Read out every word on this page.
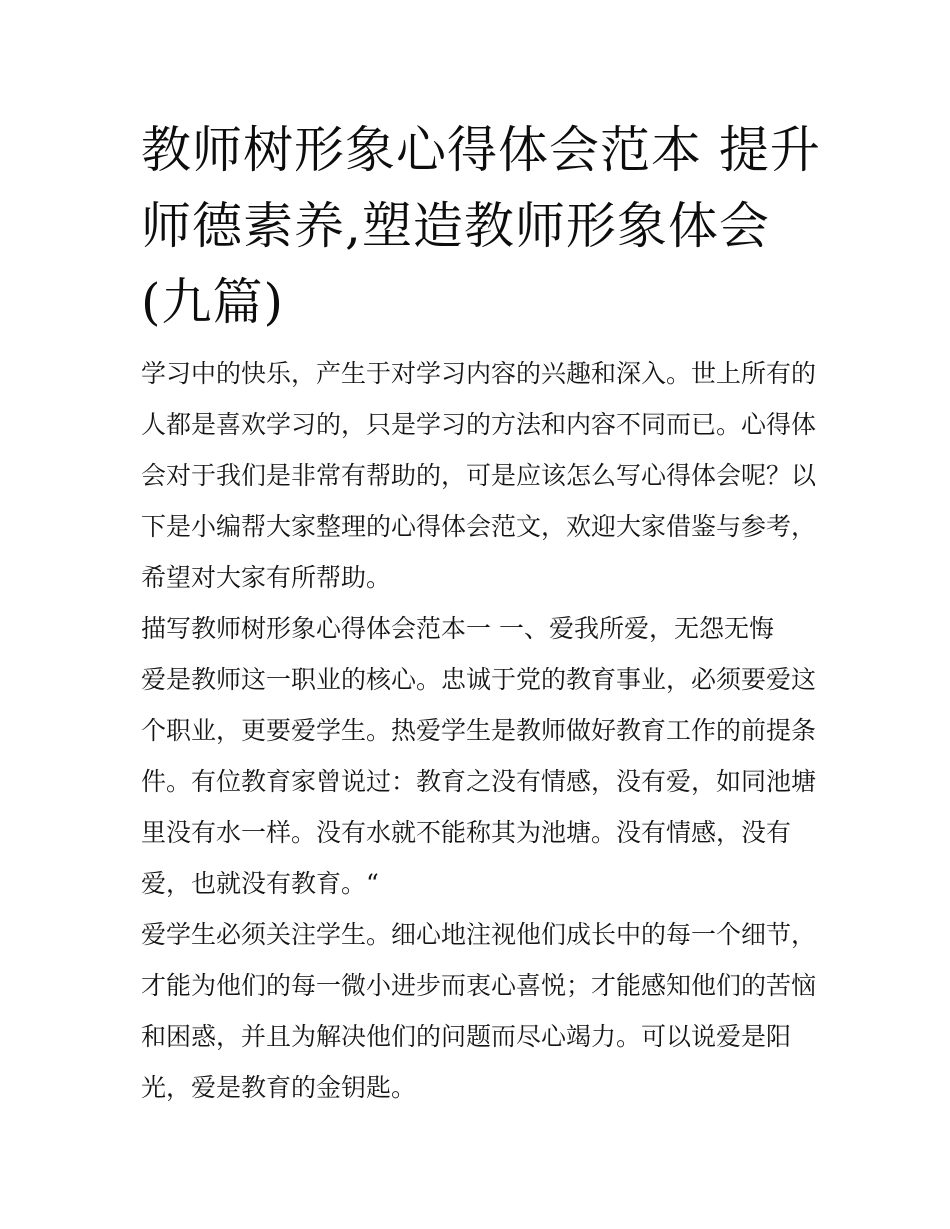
教师树形象心得体会范本 提升
师德素养,塑造教师形象体会
(九篇)

学习中的快乐，产生于对学习内容的兴趣和深入。世上所有的
人都是喜欢学习的，只是学习的方法和内容不同而已。心得体
会对于我们是非常有帮助的，可是应该怎么写心得体会呢？以
下是小编帮大家整理的心得体会范文，欢迎大家借鉴与参考，
希望对大家有所帮助。

描写教师树形象心得体会范本一 一、爱我所爱，无怨无悔

爱是教师这一职业的核心。忠诚于党的教育事业，必须要爱这
个职业，更要爱学生。热爱学生是教师做好教育工作的前提条
件。有位教育家曾说过：教育之没有情感，没有爱，如同池塘
里没有水一样。没有水就不能称其为池塘。没有情感，没有
爱，也就没有教育。“

爱学生必须关注学生。细心地注视他们成长中的每一个细节，
才能为他们的每一微小进步而衷心喜悦；才能感知他们的苦恼
和困惑，并且为解决他们的问题而尽心竭力。可以说爱是阳
光，爱是教育的金钥匙。
